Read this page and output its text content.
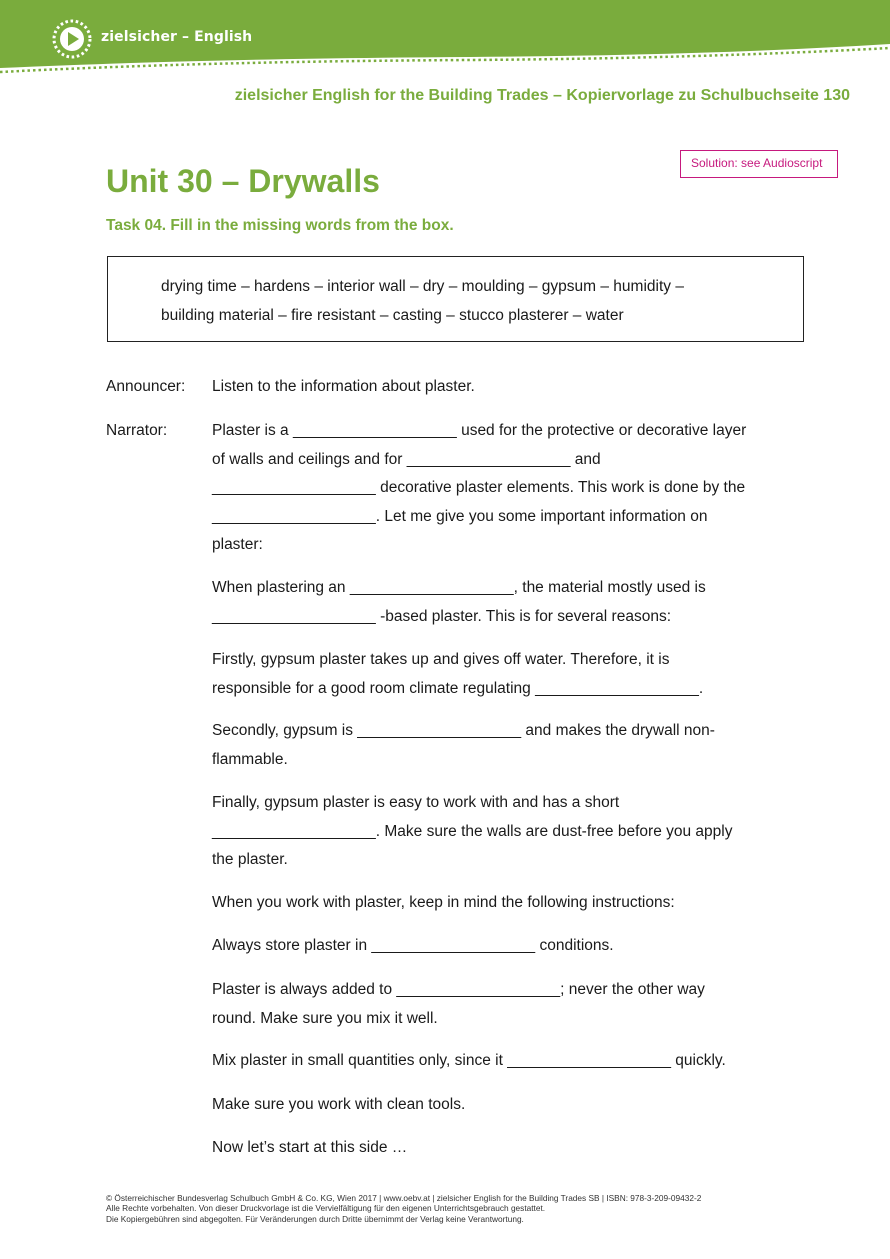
zielsicher – English
zielsicher English for the Building Trades – Kopiervorlage zu Schulbuchseite 130
Solution: see Audioscript
Unit 30 – Drywalls
Task 04. Fill in the missing words from the box.
drying time – hardens – interior wall – dry – moulding – gypsum – humidity –
building material – fire resistant – casting – stucco plasterer – water
Announcer: Listen to the information about plaster.
Narrator:	Plaster is a ___________________ used for the protective or decorative layer
of walls and ceilings and for ___________________ and
___________________ decorative plaster elements. This work is done by the
___________________. Let me give you some important information on
plaster:
When plastering an ___________________, the material mostly used is
___________________ -based plaster. This is for several reasons:
Firstly, gypsum plaster takes up and gives off water. Therefore, it is
responsible for a good room climate regulating ___________________.
Secondly, gypsum is ___________________ and makes the drywall non-
flammable.
Finally, gypsum plaster is easy to work with and has a short
___________________. Make sure the walls are dust-free before you apply
the plaster.
When you work with plaster, keep in mind the following instructions:
Always store plaster in ___________________ conditions.
Plaster is always added to ___________________; never the other way
round. Make sure you mix it well.
Mix plaster in small quantities only, since it ___________________ quickly.
Make sure you work with clean tools.
Now let’s start at this side …
© Österreichischer Bundesverlag Schulbuch GmbH & Co. KG, Wien 2017 | www.oebv.at | zielsicher English for the Building Trades SB | ISBN: 978-3-209-09432-2
Alle Rechte vorbehalten. Von dieser Druckvorlage ist die Vervielfältigung für den eigenen Unterrichtsgebrauch gestattet.
Die Kopiergebühren sind abgegolten. Für Veränderungen durch Dritte übernimmt der Verlag keine Verantwortung.
